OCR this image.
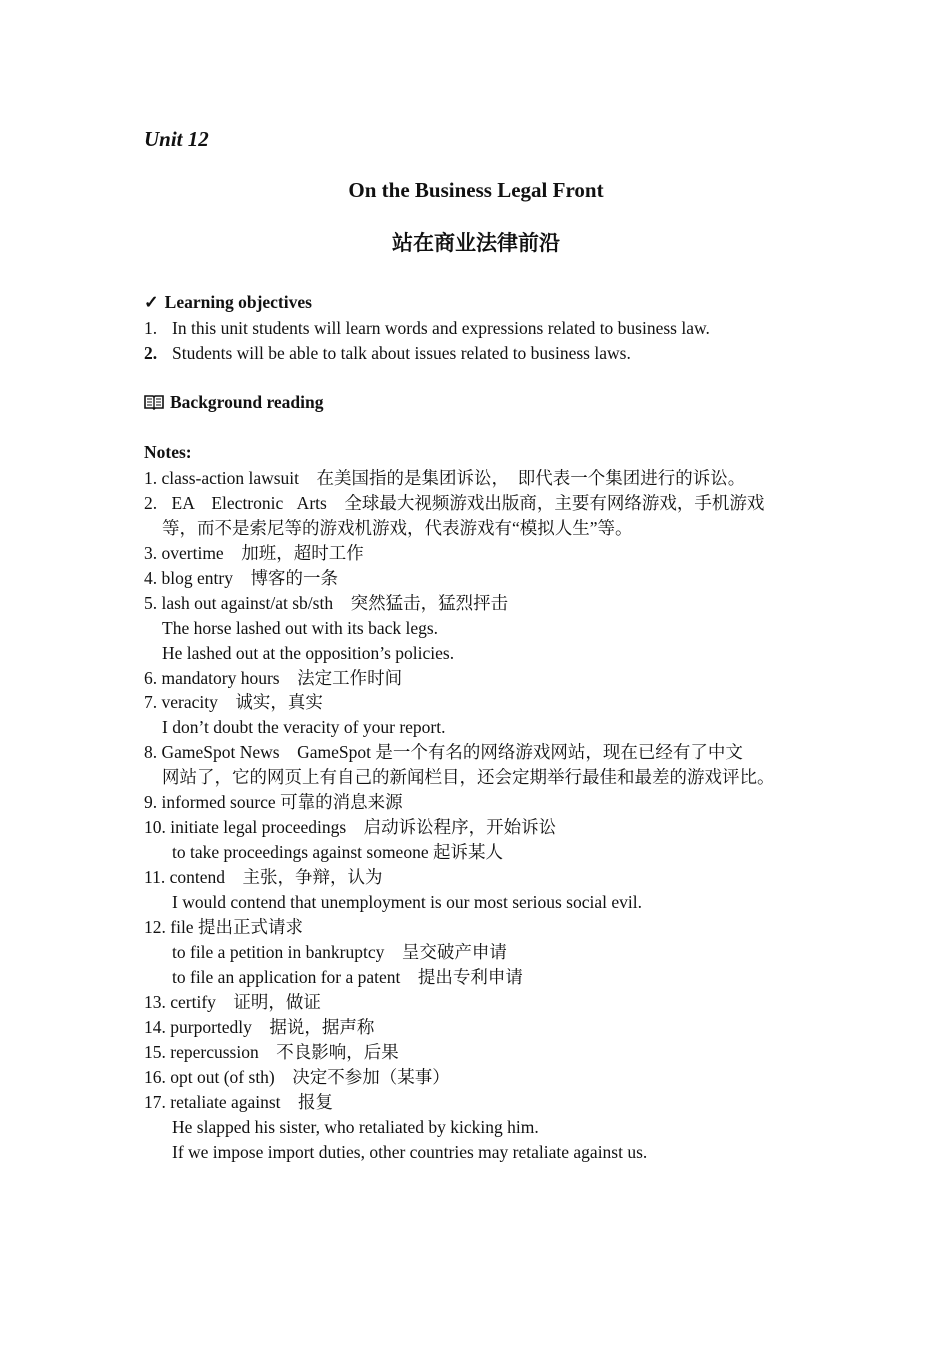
Unit 12
On the Business Legal Front
站在商业法律前沿
✓ Learning objectives
1. In this unit students will learn words and expressions related to business law.
2. Students will be able to talk about issues related to business laws.
Background reading
Notes:
1. class-action lawsuit　在美国指的是集团诉讼，　即代表一个集团进行的诉讼。
2. EA　Electronic Arts　全球最大视频游戏出版商，主要有网络游戏，手机游戏
等，而不是索尼等的游戏机游戏，代表游戏有“模拟人生”等。
3. overtime　加班，超时工作
4. blog entry　博客的一条
5. lash out against/at sb/sth　突然猛击，猛烈抨击
The horse lashed out with its back legs.
He lashed out at the opposition’s policies.
6. mandatory hours　法定工作时间
7. veracity　诚实，真实
I don’t doubt the veracity of your report.
8. GameSpot News　GameSpot 是一个有名的网络游戏网站，现在已经有了中文
网站了，它的网页上有自己的新闻栏目，还会定期举行最佳和最差的游戏评比。
9. informed source 可靠的消息来源
10. initiate legal proceedings　启动诉讼程序，开始诉讼
to take proceedings against someone 起诉某人
11. contend　主张，争辩，认为
I would contend that unemployment is our most serious social evil.
12. file 提出正式请求
to file a petition in bankruptcy　呈交破产申请
to file an application for a patent　提出专利申请
13. certify　证明，做证
14. purportedly　据说，据声称
15. repercussion　不良影响，后果
16. opt out (of sth)　决定不参加（某事）
17. retaliate against　报复
He slapped his sister, who retaliated by kicking him.
If we impose import duties, other countries may retaliate against us.
